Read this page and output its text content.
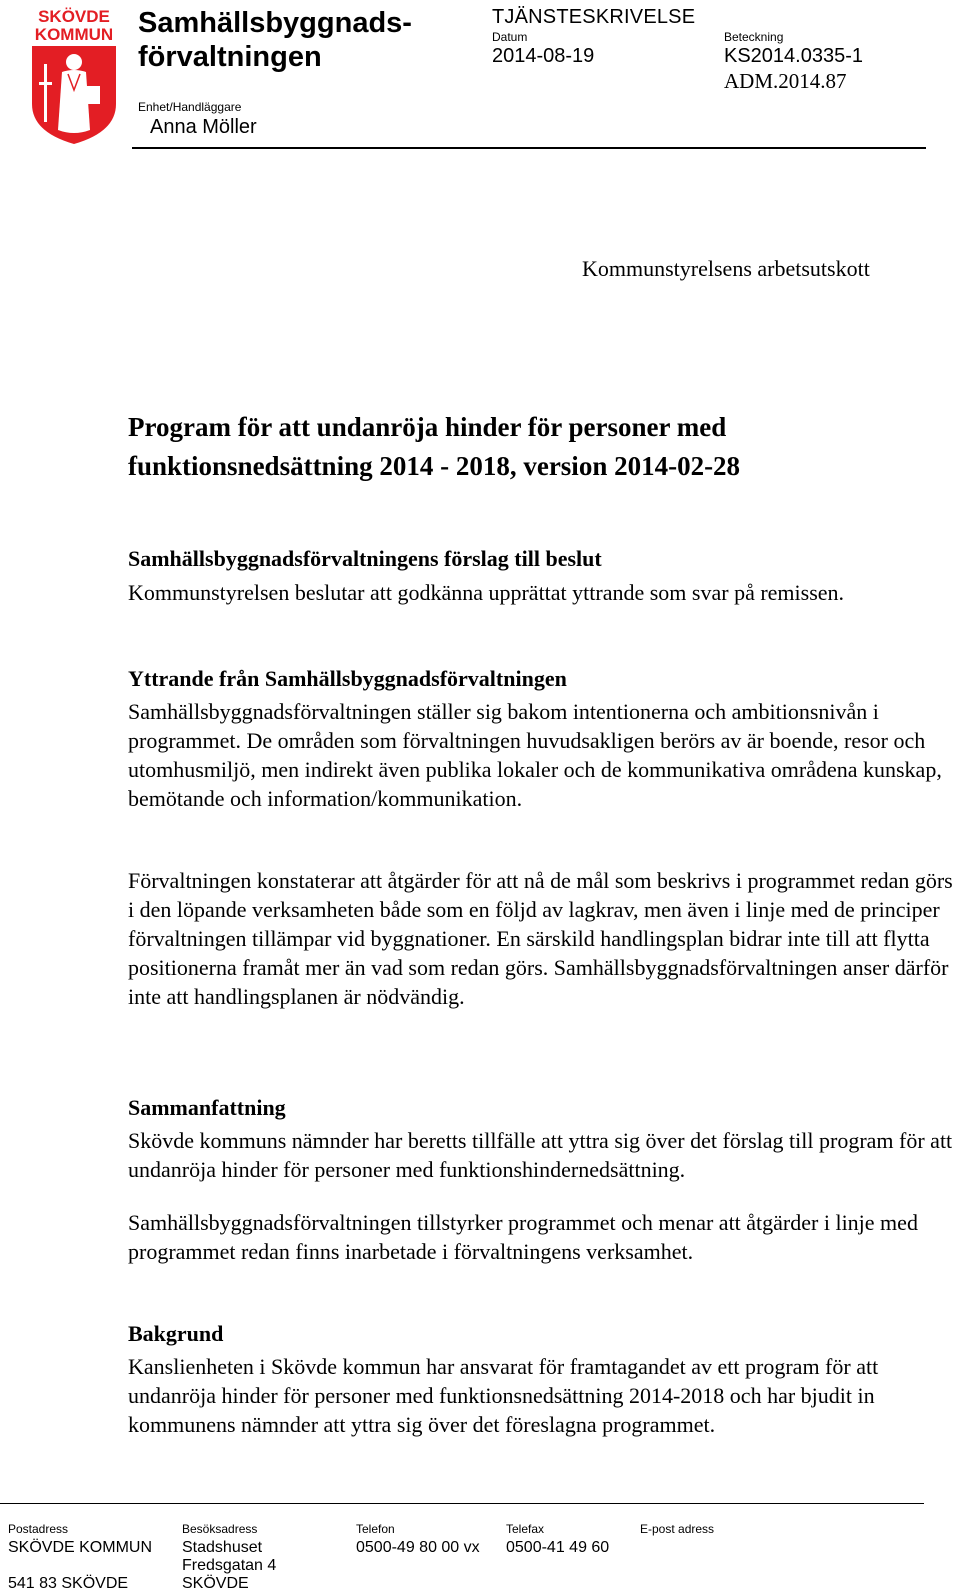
SKÖVDE
KOMMUN Samhällsbyggnads-förvaltningen
Enhet/Handläggare
Anna Möller
TJÄNSTESKRIVELSE
Datum
2014-08-19
Beteckning
KS2014.0335-1
ADM.2014.87
Kommunstyrelsens arbetsutskott
Program för att undanröja hinder för personer med
funktionsnedsättning 2014 - 2018, version 2014-02-28
Samhällsbyggnadsförvaltningens förslag till beslut
Kommunstyrelsen beslutar att godkänna upprättat yttrande som svar på remissen.
Yttrande från Samhällsbyggnadsförvaltningen
Samhällsbyggnadsförvaltningen ställer sig bakom intentionerna och ambitionsnivån i programmet. De områden som förvaltningen huvudsakligen berörs av är boende, resor och utomhusmiljö, men indirekt även publika lokaler och de kommunikativa områdena kunskap, bemötande och information/kommunikation.
Förvaltningen konstaterar att åtgärder för att nå de mål som beskrivs i programmet redan görs i den löpande verksamheten både som en följd av lagkrav, men även i linje med de principer förvaltningen tillämpar vid byggnationer. En särskild handlingsplan bidrar inte till att flytta positionerna framåt mer än vad som redan görs. Samhällsbyggnadsförvaltningen anser därför inte att handlingsplanen är nödvändig.
Sammanfattning
Skövde kommuns nämnder har beretts tillfälle att yttra sig över det förslag till program för att undanröja hinder för personer med funktionshindernedsättning.
Samhällsbyggnadsförvaltningen tillstyrker programmet och menar att åtgärder i linje med programmet redan finns inarbetade i förvaltningens verksamhet.
Bakgrund
Kanslienheten i Skövde kommun har ansvarat för framtagandet av ett program för att undanröja hinder för personer med funktionsnedsättning 2014-2018 och har bjudit in kommunens nämnder att yttra sig över det föreslagna programmet.
Postadress
SKÖVDE KOMMUN
541 83 SKÖVDE
Besöksadress
Stadshuset
Fredsgatan 4
SKÖVDE
Telefon
0500-49 80 00 vx
Telefax
0500-41 49 60
E-post adress
